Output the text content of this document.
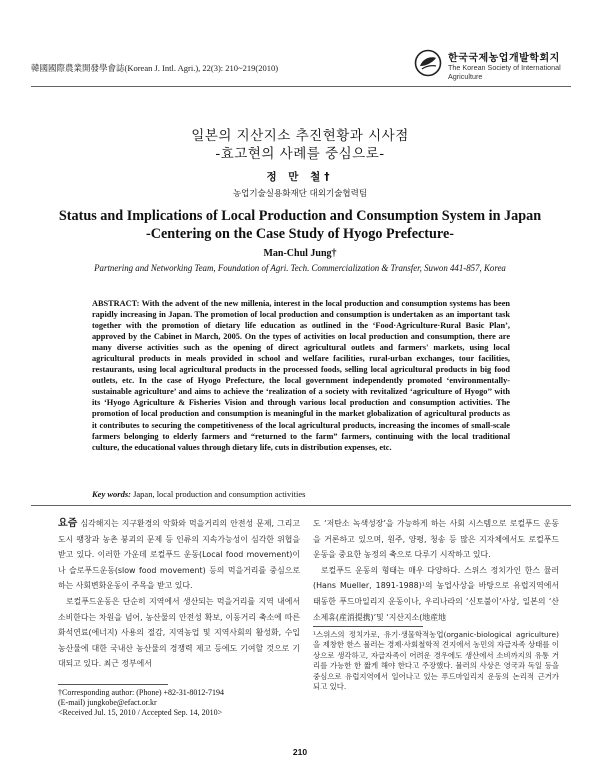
韓國國際農業開發學會誌(Korean J. Intl. Agri.), 22(3): 210~219(2010)
한국국제농업개발학회지
The Korean Society of International Agriculture
일본의 지산지소 추진현황과 시사점
-효고현의 사례를 중심으로-
정 만 철†
농업기술실용화재단 대외기술협력팀
Status and Implications of Local Production and Consumption System in Japan
-Centering on the Case Study of Hyogo Prefecture-
Man-Chul Jung†
Partnering and Networking Team, Foundation of Agri. Tech. Commercialization & Transfer, Suwon 441-857, Korea
ABSTRACT: With the advent of the new millenia, interest in the local production and consumption systems has been rapidly increasing in Japan. The promotion of local production and consumption is undertaken as an important task together with the promotion of dietary life education as outlined in the ‘Food·Agriculture·Rural Basic Plan’, approved by the Cabinet in March, 2005. On the types of activities on local production and consumption, there are many diverse activities such as the opening of direct agricultural outlets and farmers' markets, using local agricultural products in meals provided in school and welfare facilities, rural-urban exchanges, tour facilities, restaurants, using local agricultural products in the processed foods, selling local agricultural products in big food outlets, etc. In the case of Hyogo Prefecture, the local government independently promoted ‘environmentally-sustainable agriculture’ and aims to achieve the ‘realization of a society with revitalized ‘agriculture of Hyogo’’ with its ‘Hyogo Agriculture & Fisheries Vision and through various local production and consumption activities. The promotion of local production and consumption is meaningful in the market globalization of agricultural products as it contributes to securing the competitiveness of the local agricultural products, increasing the incomes of small-scale farmers belonging to elderly farmers and “returned to the farm” farmers, continuing with the local traditional culture, the educational values through dietary life, cuts in distribution expenses, etc.
Key words: Japan, local production and consumption activities

요즘 심각해지는 지구환경의 악화와 먹을거리의 안전성 문제, 그리고 도시 팽창과 농촌 붕괴의 문제 등 인류의 지속가능성이 심각한 위협을 받고 있다. 이러한 가운데 로컬푸드 운동(Local food movement)이나 슬로푸드운동(slow food movement) 등의 먹을거리를 중심으로 하는 사회변화운동이 주목을 받고 있다.

로컬푸드운동은 단순히 지역에서 생산되는 먹을거리를 지역 내에서 소비한다는 차원을 넘어, 농산물의 안전성 확보, 이동거리 축소에 따른 화석연료(에너지) 사용의 절감, 지역농업 및 지역사회의 활성화, 수입농산물에 대한 국내산 농산물의 경쟁력 제고 등에도 기여할 것으로 기대되고 있다. 최근 정부에서

도 ‘저탄소 녹색성장’을 가능하게 하는 사회 시스템으로 로컬푸드 운동을 거론하고 있으며, 원주, 양평, 청송 등 많은 지자체에서도 로컬푸드 운동을 중요한 농정의 축으로 다루기 시작하고 있다.

로컬푸드 운동의 형태는 매우 다양하다. 스위스 정치가인 한스 뮬러(Hans Mueller, 1891-1988)¹의 농업사상을 바탕으로 유럽지역에서 태동한 푸드마일리지 운동이나, 우리나라의 ‘신토불이’사상, 일본의 ‘산소제휴(産消提携)’및 ‘지산지소(地産地

¹스위스의 정치가로, 유기·생물학적농업(organic-biological agriculture)을 제창한 한스 뮬러는 경제·사회철학적 견지에서 농민의 자급자족 상태를 이상으로 생각하고, 자급자족이 어려운 경우에도 생산에서 소비까지의 유통 거리를 가능한 한 짧게 해야 한다고 주장했다. 뮬러의 사상은 영국과 독일 등을 중심으로 유럽지역에서 일어나고 있는 푸드마일리지 운동의 논리적 근거가 되고 있다.
†Corresponding author: (Phone) +82-31-8012-7194
(E-mail) jungkobe@efact.or.kr
<Received Jul. 15, 2010 / Accepted Sep. 14, 2010>
210
